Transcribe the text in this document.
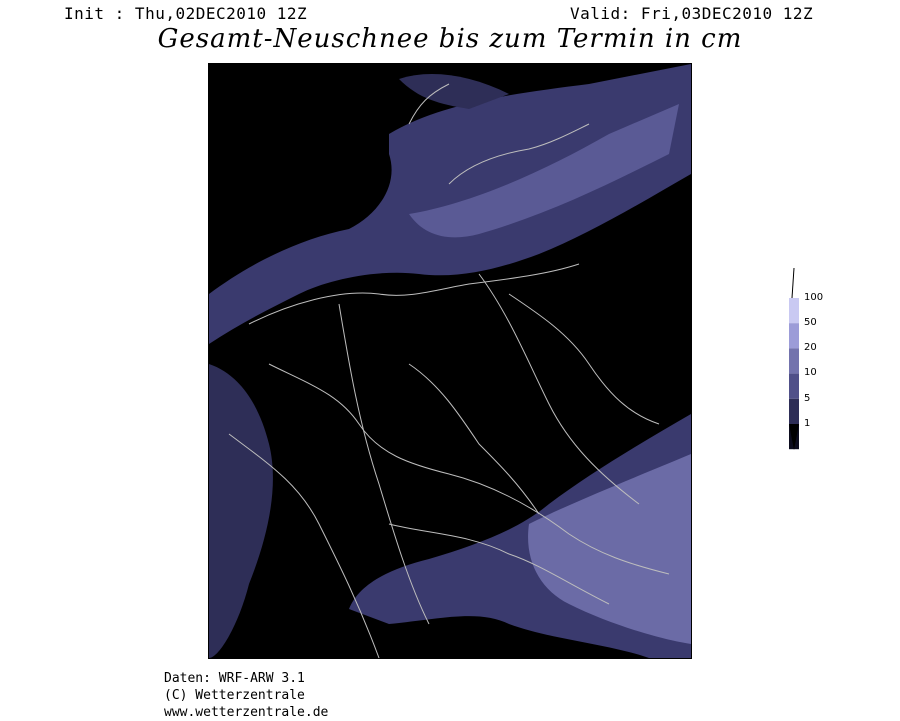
Init : Thu,02DEC2010 12Z	Valid: Fri,03DEC2010 12Z
Gesamt-Neuschnee bis zum Termin in cm
100
50
20
10
5
1
Daten: WRF-ARW 3.1
(C) Wetterzentrale
www.wetterzentrale.de
